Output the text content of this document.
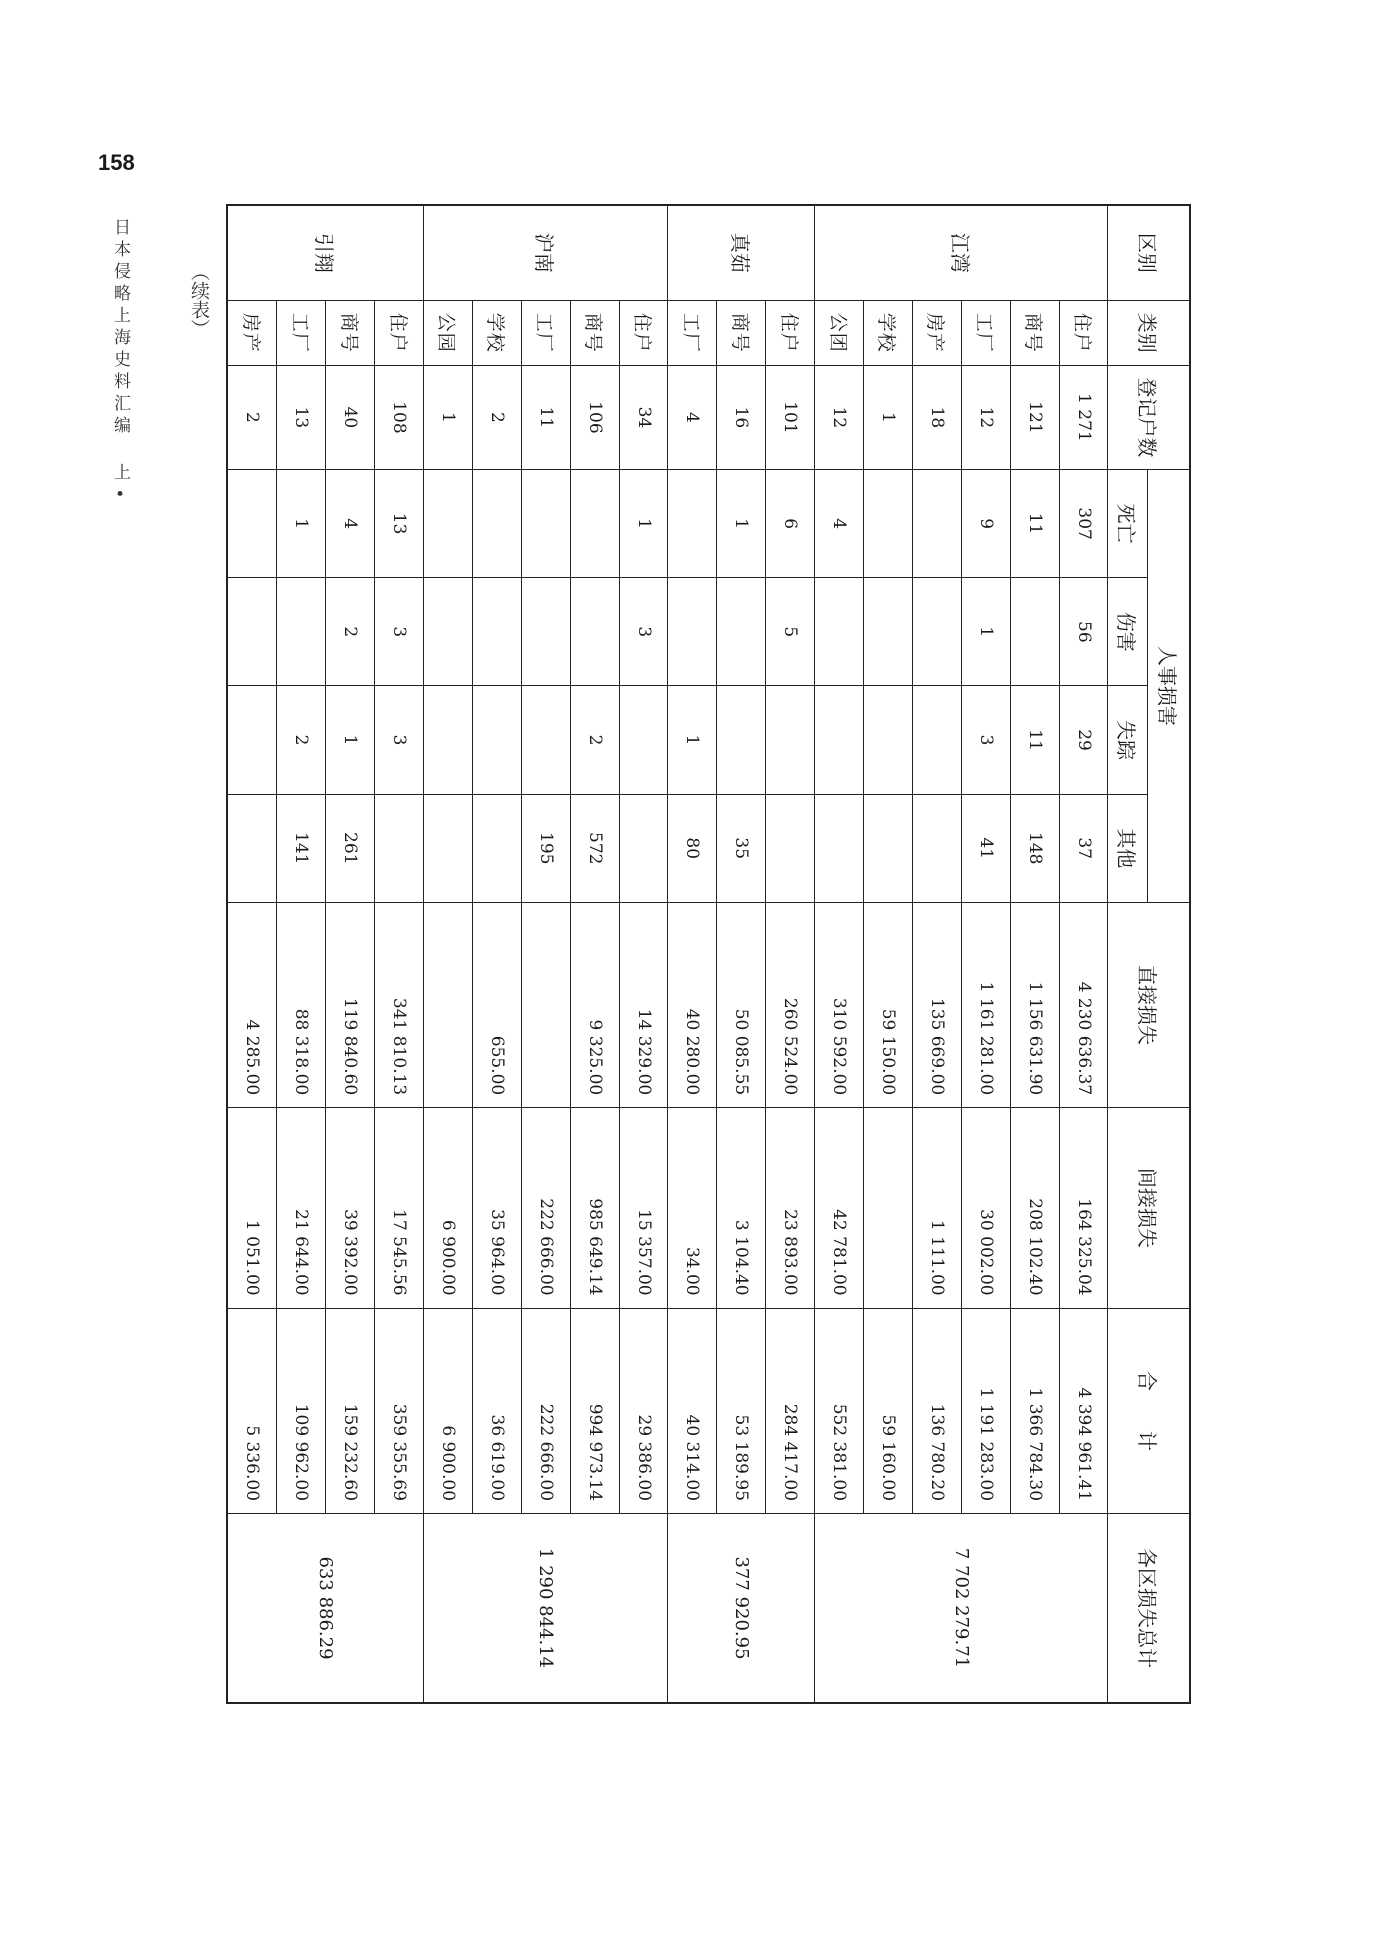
158
日本侵略上海史料汇编 上•	（续表）
区别	类别	登记户数	人事损害				直接损失	间接损失	合　　计	各区损失总计
			死亡	伤害	失踪	其他				
江湾	住户	1 271	307	56	29	37	4 230 636.37	164 325.04	4 394 961.41	7 702 279.71
	商号	121	11		11	148	1 156 631.90	208 102.40	1 366 784.30	
	工厂	12	9	1	3	41	1 161 281.00	30 002.00	1 191 283.00	
	房产	18					135 669.00	1 111.00	136 780.20	
	学校	1					59 150.00		59 160.00	
	公团	12	4				310 592.00	42 781.00	552 381.00	
真茹	住户	101	6	5			260 524.00	23 893.00	284 417.00	377 920.95
	商号	16	1			35	50 085.55	3 104.40	53 189.95	
	工厂	4			1	80	40 280.00	34.00	40 314.00	
沪南	住户	34	1	3			14 329.00	15 357.00	29 386.00	1 290 844.14
	商号	106			2	572	9 325.00	985 649.14	994 973.14	
	工厂	11				195		222 666.00	222 666.00	
	学校	2					655.00	35 964.00	36 619.00	
	公园	1						6 900.00	6 900.00	
引翔	住户	108	13	3	3		341 810.13	17 545.56	359 355.69	633 886.29
	商号	40	4	2	1	261	119 840.60	39 392.00	159 232.60	
	工厂	13	1		2	141	88 318.00	21 644.00	109 962.00	
	房产	2					4 285.00	1 051.00	5 336.00	
